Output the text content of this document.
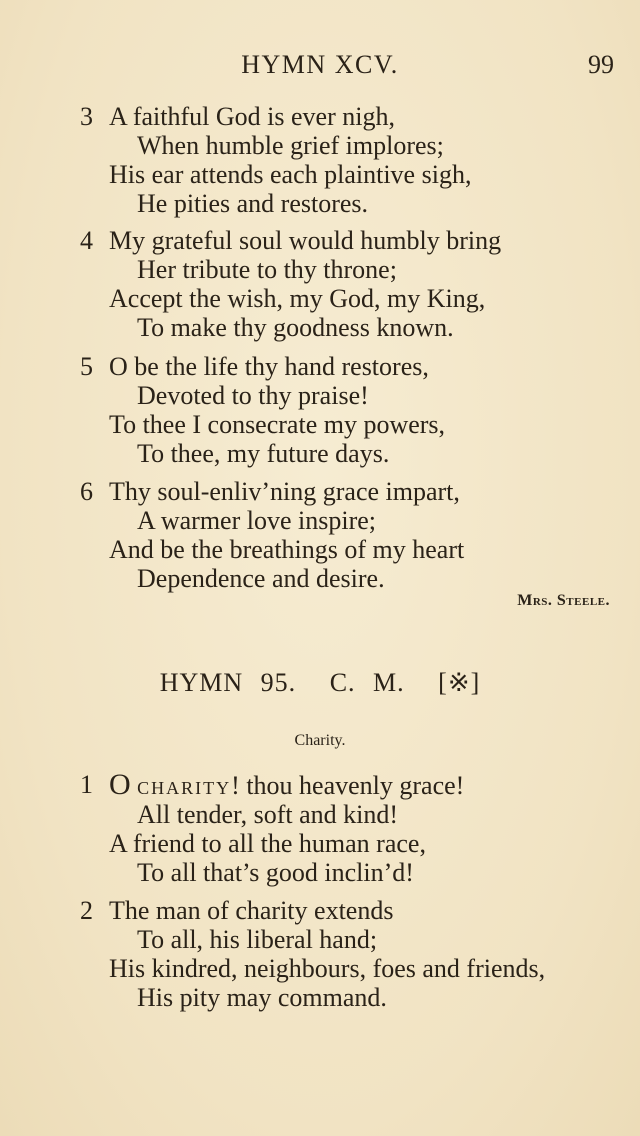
HYMN XCV.	99
3 A faithful God is ever nigh,
When humble grief implores;
His ear attends each plaintive sigh,
He pities and restores.
4 My grateful soul would humbly bring
Her tribute to thy throne;
Accept the wish, my God, my King,
To make thy goodness known.
5 O be the life thy hand restores,
Devoted to thy praise!
To thee I consecrate my powers,
To thee, my future days.
6 Thy soul-enliv’ning grace impart,
A warmer love inspire;
And be the breathings of my heart
Dependence and desire.
Mrs. Steele.
HYMN 95. C. M. [※]
Charity.
1 O charity! thou heavenly grace!
All tender, soft and kind!
A friend to all the human race,
To all that’s good inclin’d!
2 The man of charity extends
To all, his liberal hand;
His kindred, neighbours, foes and friends,
His pity may command.
